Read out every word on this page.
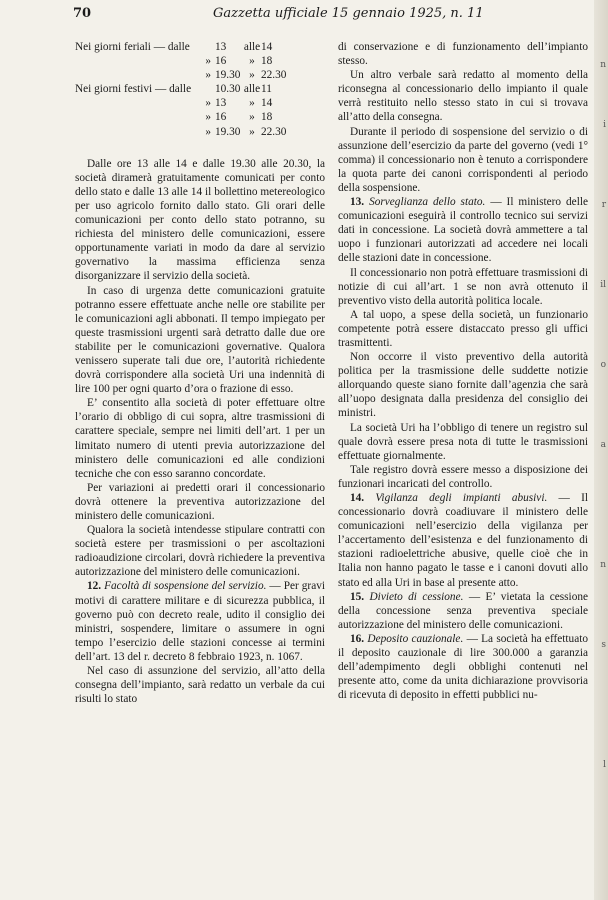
70	Gazzetta ufficiale 15 gennaio 1925, n. 11
Nei giorni feriali — dalle 13 alle14
» 16 » 18
» 19.30 » 22.30
Nei giorni festivi — dalle 10.30 alle11
» 13 » 14
» 16 » 18
» 19.30 » 22.30

Dalle ore 13 alle 14 e dalle 19.30 alle 20.30, la società diramerà gratuitamente comunicati per conto dello stato e dalle 13 alle 14 il bollettino metereologico per uso agricolo fornito dallo stato. Gli orari delle comunicazioni per conto dello stato potranno, su richiesta del ministero delle comunicazioni, essere opportunamente variati in modo da dare al servizio governativo la massima efficienza senza disorganizzare il servizio della società.

In caso di urgenza dette comunicazioni gratuite potranno essere effettuate anche nelle ore stabilite per le comunicazioni agli abbonati. Il tempo impiegato per queste trasmissioni urgenti sarà detratto dalle due ore stabilite per le comunicazioni governative. Qualora venissero superate tali due ore, l’autorità richiedente dovrà corrispondere alla società Uri una indennità di lire 100 per ogni quarto d’ora o frazione di esso.

E’ consentito alla società di poter effettuare oltre l’orario di obbligo di cui sopra, altre trasmissioni di carattere speciale, sempre nei limiti dell’art. 1 per un limitato numero di utenti previa autorizzazione del ministero delle comunicazioni ed alle condizioni tecniche che con esso saranno concordate.

Per variazioni ai predetti orari il concessionario dovrà ottenere la preventiva autorizzazione del ministero delle comunicazioni.

Qualora la società intendesse stipulare contratti con società estere per trasmissioni o per ascoltazioni radioaudizione circolari, dovrà richiedere la preventiva autorizzazione del ministero delle comunicazioni.

12. Facoltà di sospensione del servizio. — Per gravi motivi di carattere militare e di sicurezza pubblica, il governo può con decreto reale, udito il consiglio dei ministri, sospendere, limitare o assumere in ogni tempo l’esercizio delle stazioni concesse ai termini dell’art. 13 del r. decreto 8 febbraio 1923, n. 1067.

Nel caso di assunzione del servizio, all’atto della consegna dell’impianto, sarà redatto un verbale da cui risulti lo stato

di conservazione e di funzionamento dell’impianto stesso.

Un altro verbale sarà redatto al momento della riconsegna al concessionario dello impianto il quale verrà restituito nello stesso stato in cui si trovava all’atto della consegna.

Durante il periodo di sospensione del servizio o di assunzione dell’esercizio da parte del governo (vedi 1° comma) il concessionario non è tenuto a corrispondere la quota parte dei canoni corrispondenti al periodo della sospensione.

13. Sorveglianza dello stato. — Il ministero delle comunicazioni eseguirà il controllo tecnico sui servizi dati in concessione. La società dovrà ammettere a tal uopo i funzionari autorizzati ad accedere nei locali delle stazioni date in concessione.

Il concessionario non potrà effettuare trasmissioni di notizie di cui all’art. 1 se non avrà ottenuto il preventivo visto della autorità politica locale.

A tal uopo, a spese della società, un funzionario competente potrà essere distaccato presso gli uffici trasmittenti.

Non occorre il visto preventivo della autorità politica per la trasmissione delle suddette notizie allorquando queste siano fornite dall’agenzia che sarà all’uopo designata dalla presidenza del consiglio dei ministri.

La società Uri ha l’obbligo di tenere un registro sul quale dovrà essere presa nota di tutte le trasmissioni effettuate giornalmente.

Tale registro dovrà essere messo a disposizione dei funzionari incaricati del controllo.

14. Vigilanza degli impianti abusivi. — Il concessionario dovrà coadiuvare il ministero delle comunicazioni nell’esercizio della vigilanza per l’accertamento dell’esistenza e del funzionamento di stazioni radioelettriche abusive, quelle cioè che in Italia non hanno pagato le tasse e i canoni dovuti allo stato ed alla Uri in base al presente atto.

15. Divieto di cessione. — E’ vietata la cessione della concessione senza preventiva speciale autorizzazione del ministero delle comunicazioni.

16. Deposito cauzionale. — La società ha effettuato il deposito cauzionale di lire 300.000 a garanzia dell’adempimento degli obblighi contenuti nel presente atto, come da unita dichiarazione provvisoria di ricevuta di deposito in effetti pubblici nu-

n
i
r
il
o
a
n
s
l
